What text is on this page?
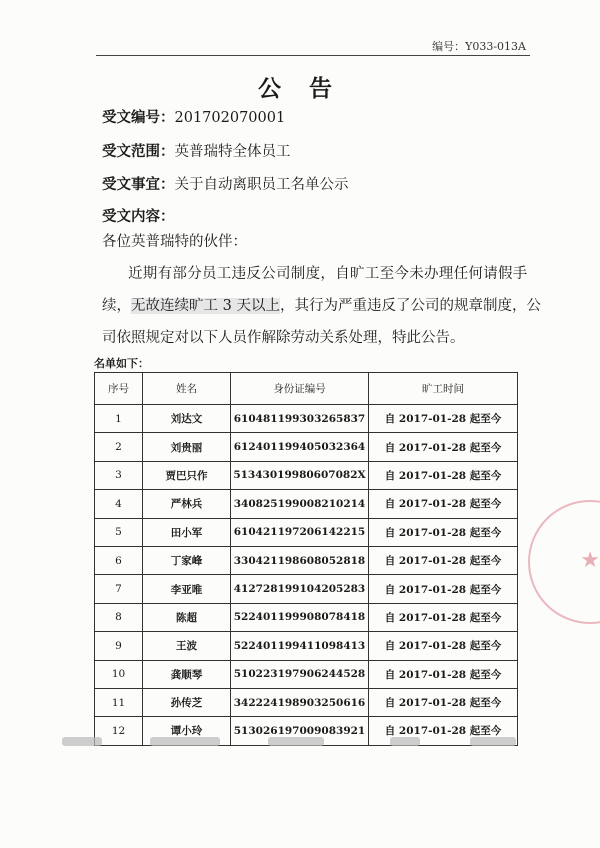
编号：Y033-013A
公 告
受文编号：201702070001
受文范围：英普瑞特全体员工
受文事宜：关于自动离职员工名单公示
受文内容：
各位英普瑞特的伙伴：
近期有部分员工违反公司制度，自旷工至今未办理任何请假手
续，无故连续旷工 3 天以上，其行为严重违反了公司的规章制度，公
司依照规定对以下人员作解除劳动关系处理，特此公告。
名单如下：
序号	姓名	身份证编号	旷工时间
1	刘达文	610481199303265837	自 2017-01-28 起至今
2	刘贵丽	612401199405032364	自 2017-01-28 起至今
3	贾巴只作	51343019980607082X	自 2017-01-28 起至今
4	严林兵	340825199008210214	自 2017-01-28 起至今
5	田小军	610421197206142215	自 2017-01-28 起至今
6	丁家峰	330421198608052818	自 2017-01-28 起至今
7	李亚唯	412728199104205283	自 2017-01-28 起至今
8	陈超	522401199908078418	自 2017-01-28 起至今
9	王波	522401199411098413	自 2017-01-28 起至今
10	龚顺琴	510223197906244528	自 2017-01-28 起至今
11	孙传芝	342224198903250616	自 2017-01-28 起至今
12	谭小玲	513026197009083921	自 2017-01-28 起至今
★
